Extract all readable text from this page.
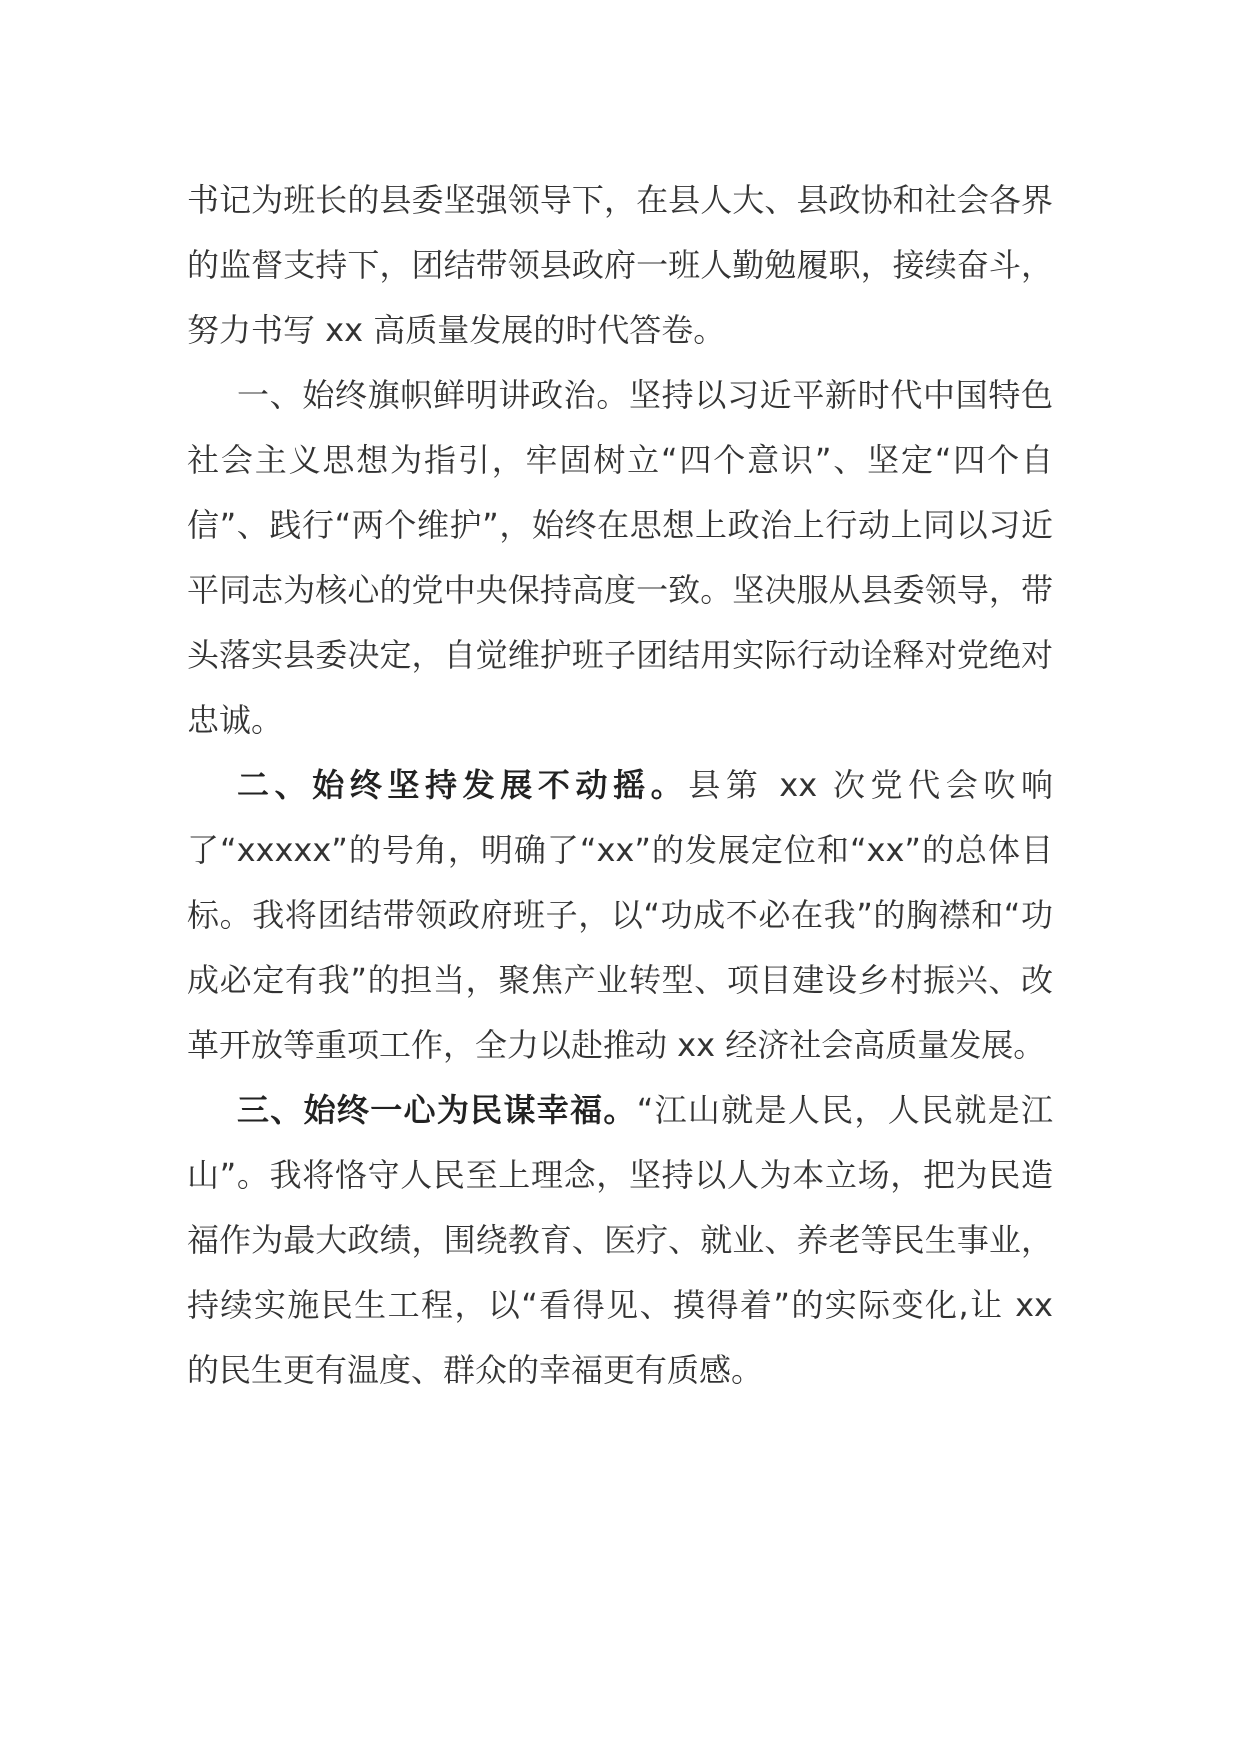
书记为班长的县委坚强领导下，在县人大、县政协和社会各界的监督支持下，团结带领县政府一班人勤勉履职，接续奋斗，努力书写 xx 高质量发展的时代答卷。

一、始终旗帜鲜明讲政治。坚持以习近平新时代中国特色社会主义思想为指引，牢固树立“四个意识”、坚定“四个自信”、践行“两个维护”，始终在思想上政治上行动上同以习近平同志为核心的党中央保持高度一致。坚决服从县委领导，带头落实县委决定，自觉维护班子团结用实际行动诠释对党绝对忠诚。

二、始终坚持发展不动摇。县第 xx 次党代会吹响了“xxxxx”的号角，明确了“xx”的发展定位和“xx”的总体目标。我将团结带领政府班子，以“功成不必在我”的胸襟和“功成必定有我”的担当，聚焦产业转型、项目建设乡村振兴、改革开放等重项工作，全力以赴推动 xx 经济社会高质量发展。

三、始终一心为民谋幸福。“江山就是人民，人民就是江山”。我将恪守人民至上理念，坚持以人为本立场，把为民造福作为最大政绩，围绕教育、医疗、就业、养老等民生事业，持续实施民生工程，以“看得见、摸得着”的实际变化,让 xx 的民生更有温度、群众的幸福更有质感。
